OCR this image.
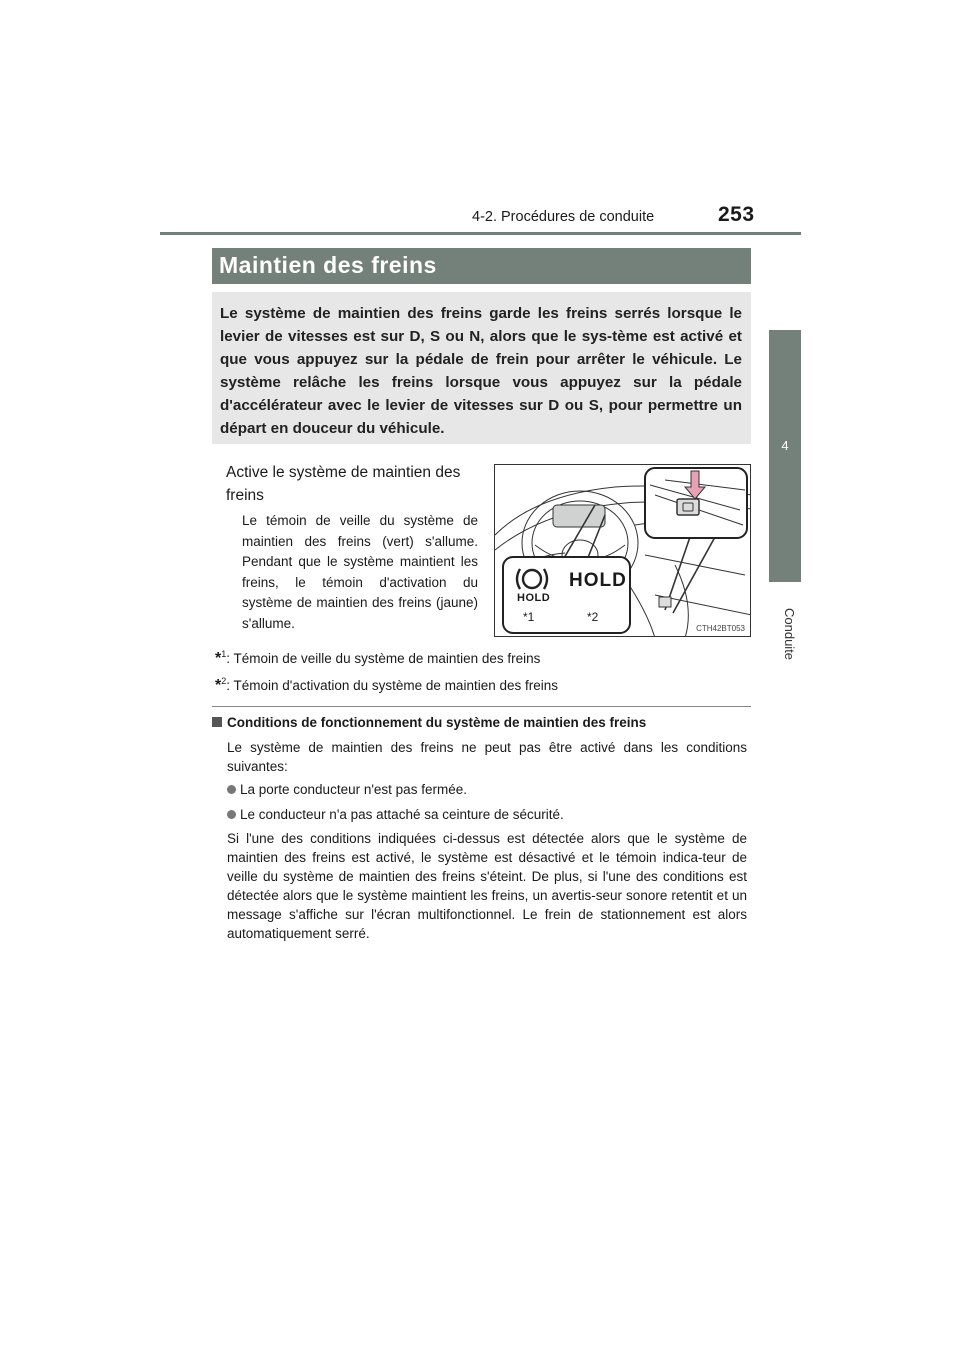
253
4-2. Procédures de conduite
4
Conduite
Maintien des freins
Le système de maintien des freins garde les freins serrés lorsque le levier de vitesses est sur D, S ou N, alors que le sys-tème est activé et que vous appuyez sur la pédale de frein pour arrêter le véhicule. Le système relâche les freins lorsque vous appuyez sur la pédale d'accélérateur avec le levier de vitesses sur D ou S, pour permettre un départ en douceur du véhicule.
Active le système de maintien des freins
Le témoin de veille du système de maintien des freins (vert) s'allume. Pendant que le système maintient les freins, le témoin d'activation du système de maintien des freins (jaune) s'allume.
HOLD
HOLD
*1	*2
CTH42BT053
*$^1$: Témoin de veille du système de maintien des freins
*$^2$: Témoin d'activation du système de maintien des freins
Conditions de fonctionnement du système de maintien des freins
Le système de maintien des freins ne peut pas être activé dans les conditions suivantes:
La porte conducteur n'est pas fermée.
Le conducteur n'a pas attaché sa ceinture de sécurité.
Si l'une des conditions indiquées ci-dessus est détectée alors que le système de maintien des freins est activé, le système est désactivé et le témoin indica-teur de veille du système de maintien des freins s'éteint. De plus, si l'une des conditions est détectée alors que le système maintient les freins, un avertis-seur sonore retentit et un message s'affiche sur l'écran multifonctionnel. Le frein de stationnement est alors automatiquement serré.
